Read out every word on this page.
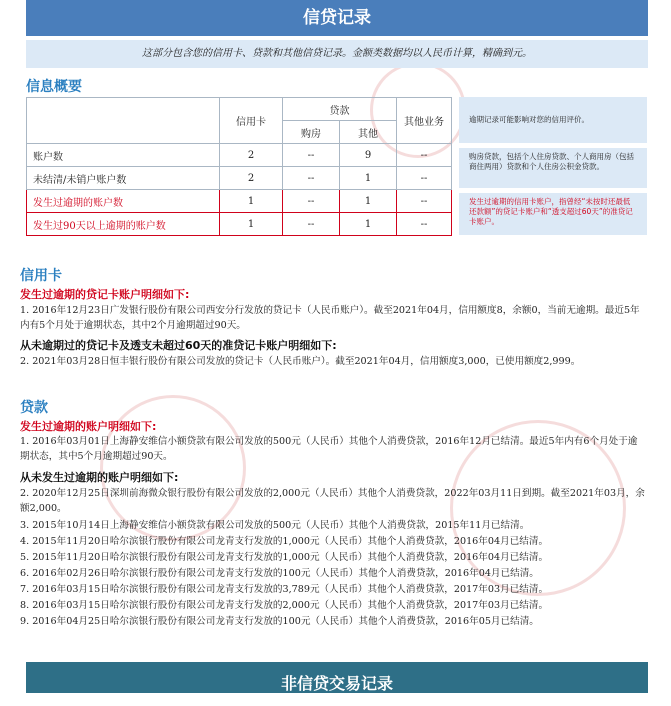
信贷记录
这部分包含您的信用卡、贷款和其他信贷记录。金额类数据均以人民币计算，精确到元。
信息概要
	信用卡	贷款		其他业务
		购房	其他	
账户数	2	--	9	--
未结清/未销户账户数	2	--	1	--
发生过逾期的账户数	1	--	1	--
发生过90天以上逾期的账户数	1	--	1	--
逾期记录可能影响对您的信用评价。
购房贷款，包括个人住房贷款、个人商用房（包括商住两用）贷款和个人住房公积金贷款。
发生过逾期的信用卡账户，指曾经“未按时还最低还款额”的贷记卡账户和“透支超过60天”的准贷记卡账户。
信用卡
发生过逾期的贷记卡账户明细如下:
1. 2016年12月23日广发银行股份有限公司西安分行发放的贷记卡（人民币账户）。截至2021年04月，信用额度8，余额0，当前无逾期。最近5年内有5个月处于逾期状态，其中2个月逾期超过90天。
从未逾期过的贷记卡及透支未超过60天的准贷记卡账户明细如下:
2. 2021年03月28日恒丰银行股份有限公司发放的贷记卡（人民币账户）。截至2021年04月，信用额度3,000，已使用额度2,999。
贷款
发生过逾期的账户明细如下:
1. 2016年03月01日上海静安维信小额贷款有限公司发放的500元（人民币）其他个人消费贷款，2016年12月已结清。最近5年内有6个月处于逾期状态，其中5个月逾期超过90天。
从未发生过逾期的账户明细如下:
2. 2020年12月25日深圳前海微众银行股份有限公司发放的2,000元（人民币）其他个人消费贷款，2022年03月11日到期。截至2021年03月，余额2,000。
3. 2015年10月14日上海静安维信小额贷款有限公司发放的500元（人民币）其他个人消费贷款，2015年11月已结清。
4. 2015年11月20日哈尔滨银行股份有限公司龙青支行发放的1,000元（人民币）其他个人消费贷款，2016年04月已结清。
5. 2015年11月20日哈尔滨银行股份有限公司龙青支行发放的1,000元（人民币）其他个人消费贷款，2016年04月已结清。
6. 2016年02月26日哈尔滨银行股份有限公司龙青支行发放的100元（人民币）其他个人消费贷款，2016年04月已结清。
7. 2016年03月15日哈尔滨银行股份有限公司龙青支行发放的3,789元（人民币）其他个人消费贷款，2017年03月已结清。
8. 2016年03月15日哈尔滨银行股份有限公司龙青支行发放的2,000元（人民币）其他个人消费贷款，2017年03月已结清。
9. 2016年04月25日哈尔滨银行股份有限公司龙青支行发放的100元（人民币）其他个人消费贷款，2016年05月已结清。
非信贷交易记录
